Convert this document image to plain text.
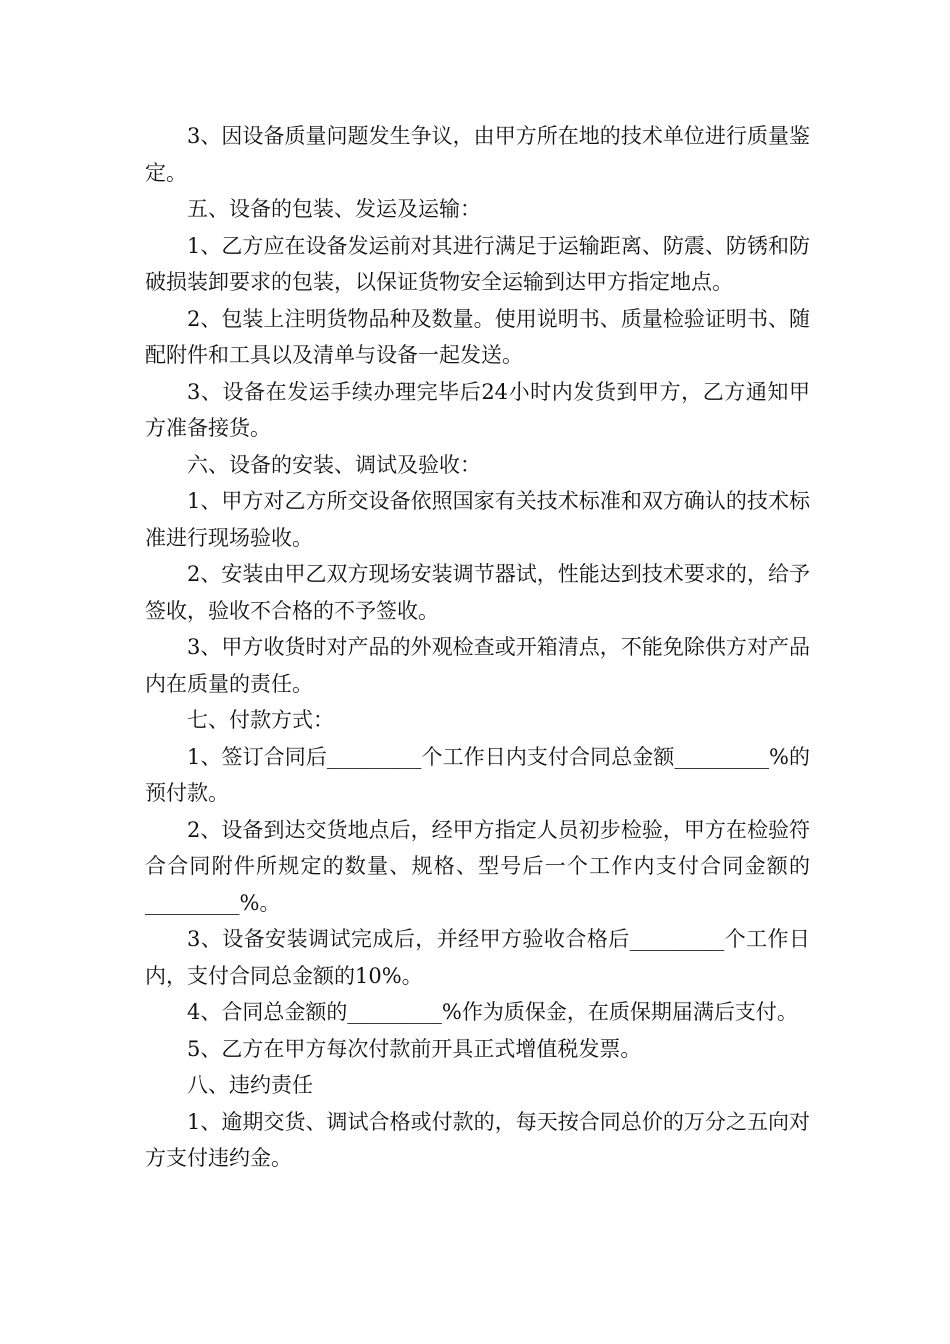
3、因设备质量问题发生争议，由甲方所在地的技术单位进行质量鉴定。

五、设备的包装、发运及运输：

1、乙方应在设备发运前对其进行满足于运输距离、防震、防锈和防破损装卸要求的包装，以保证货物安全运输到达甲方指定地点。

2、包装上注明货物品种及数量。使用说明书、质量检验证明书、随配附件和工具以及清单与设备一起发送。

3、设备在发运手续办理完毕后24小时内发货到甲方，乙方通知甲方准备接货。

六、设备的安装、调试及验收：

1、甲方对乙方所交设备依照国家有关技术标准和双方确认的技术标准进行现场验收。

2、安装由甲乙双方现场安装调节器试，性能达到技术要求的，给予签收，验收不合格的不予签收。

3、甲方收货时对产品的外观检查或开箱清点，不能免除供方对产品内在质量的责任。

七、付款方式：

1、签订合同后_________个工作日内支付合同总金额_________%的预付款。

2、设备到达交货地点后，经甲方指定人员初步检验，甲方在检验符合合同附件所规定的数量、规格、型号后一个工作内支付合同金额的_________%。

3、设备安装调试完成后，并经甲方验收合格后_________个工作日内，支付合同总金额的10%。

4、合同总金额的_________%作为质保金，在质保期届满后支付。

5、乙方在甲方每次付款前开具正式增值税发票。

八、违约责任

1、逾期交货、调试合格或付款的，每天按合同总价的万分之五向对方支付违约金。
